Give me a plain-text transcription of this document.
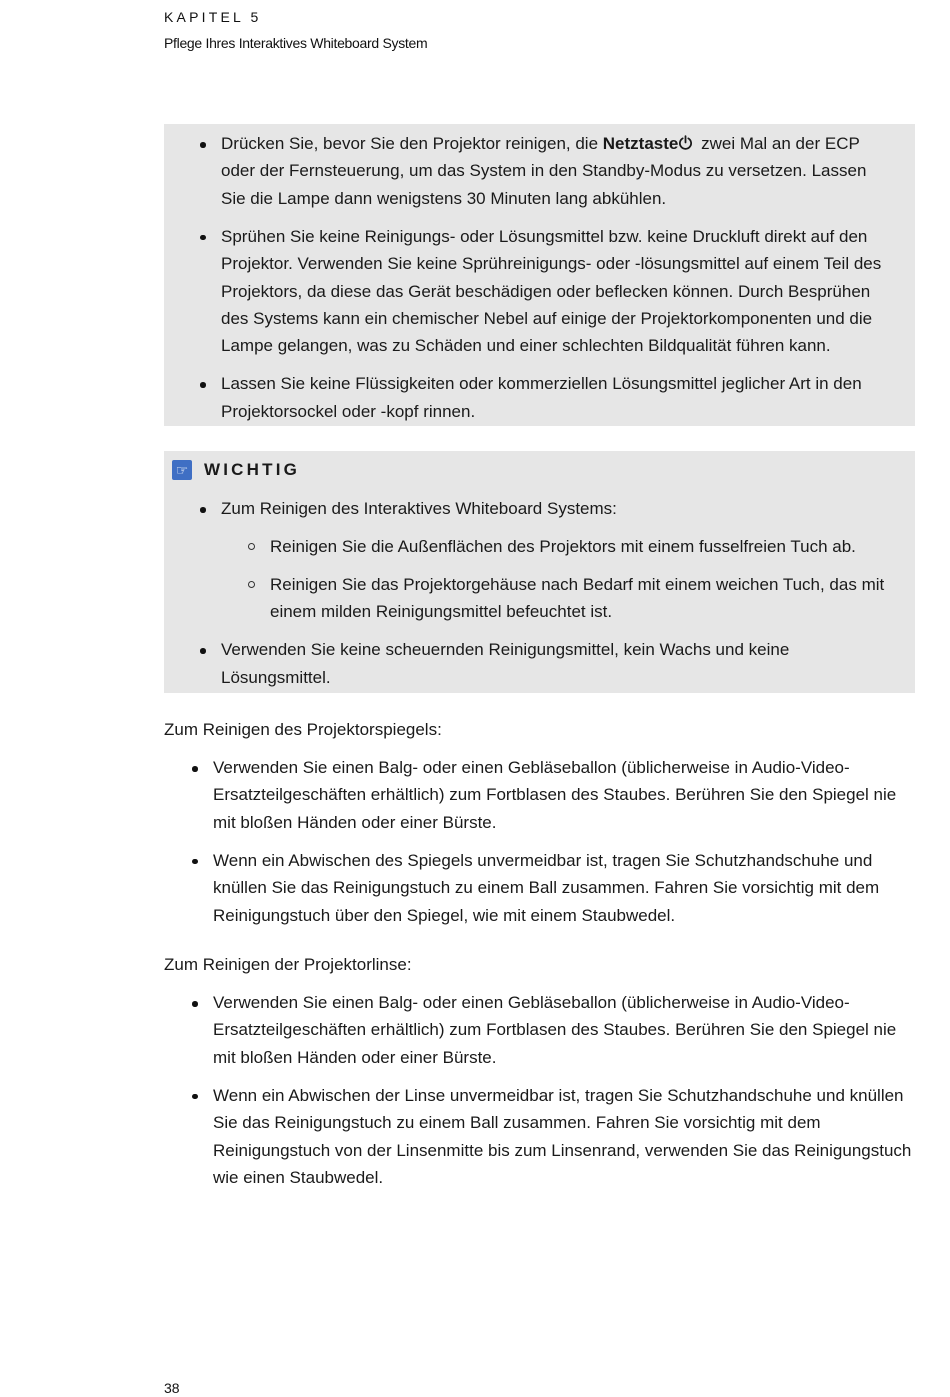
KAPITEL 5
Pflege Ihres Interaktives Whiteboard System
Drücken Sie, bevor Sie den Projektor reinigen, die Netztaste zwei Mal an der ECP oder der Fernsteuerung, um das System in den Standby-Modus zu versetzen. Lassen Sie die Lampe dann wenigstens 30 Minuten lang abkühlen.
Sprühen Sie keine Reinigungs- oder Lösungsmittel bzw. keine Druckluft direkt auf den Projektor. Verwenden Sie keine Sprühreinigungs- oder -lösungsmittel auf einem Teil des Projektors, da diese das Gerät beschädigen oder beflecken können. Durch Besprühen des Systems kann ein chemischer Nebel auf einige der Projektorkomponenten und die Lampe gelangen, was zu Schäden und einer schlechten Bildqualität führen kann.
Lassen Sie keine Flüssigkeiten oder kommerziellen Lösungsmittel jeglicher Art in den Projektorsockel oder -kopf rinnen.
☞ WICHTIG
Zum Reinigen des Interaktives Whiteboard Systems:
Reinigen Sie die Außenflächen des Projektors mit einem fusselfreien Tuch ab.
Reinigen Sie das Projektorgehäuse nach Bedarf mit einem weichen Tuch, das mit einem milden Reinigungsmittel befeuchtet ist.
Verwenden Sie keine scheuernden Reinigungsmittel, kein Wachs und keine Lösungsmittel.
Zum Reinigen des Projektorspiegels:
Verwenden Sie einen Balg- oder einen Gebläseballon (üblicherweise in Audio-Video-Ersatzteilgeschäften erhältlich) zum Fortblasen des Staubes. Berühren Sie den Spiegel nie mit bloßen Händen oder einer Bürste.
Wenn ein Abwischen des Spiegels unvermeidbar ist, tragen Sie Schutzhandschuhe und knüllen Sie das Reinigungstuch zu einem Ball zusammen. Fahren Sie vorsichtig mit dem Reinigungstuch über den Spiegel, wie mit einem Staubwedel.
Zum Reinigen der Projektorlinse:
Verwenden Sie einen Balg- oder einen Gebläseballon (üblicherweise in Audio-Video-Ersatzteilgeschäften erhältlich) zum Fortblasen des Staubes. Berühren Sie den Spiegel nie mit bloßen Händen oder einer Bürste.
Wenn ein Abwischen der Linse unvermeidbar ist, tragen Sie Schutzhandschuhe und knüllen Sie das Reinigungstuch zu einem Ball zusammen. Fahren Sie vorsichtig mit dem Reinigungstuch von der Linsenmitte bis zum Linsenrand, verwenden Sie das Reinigungstuch wie einen Staubwedel.
38
